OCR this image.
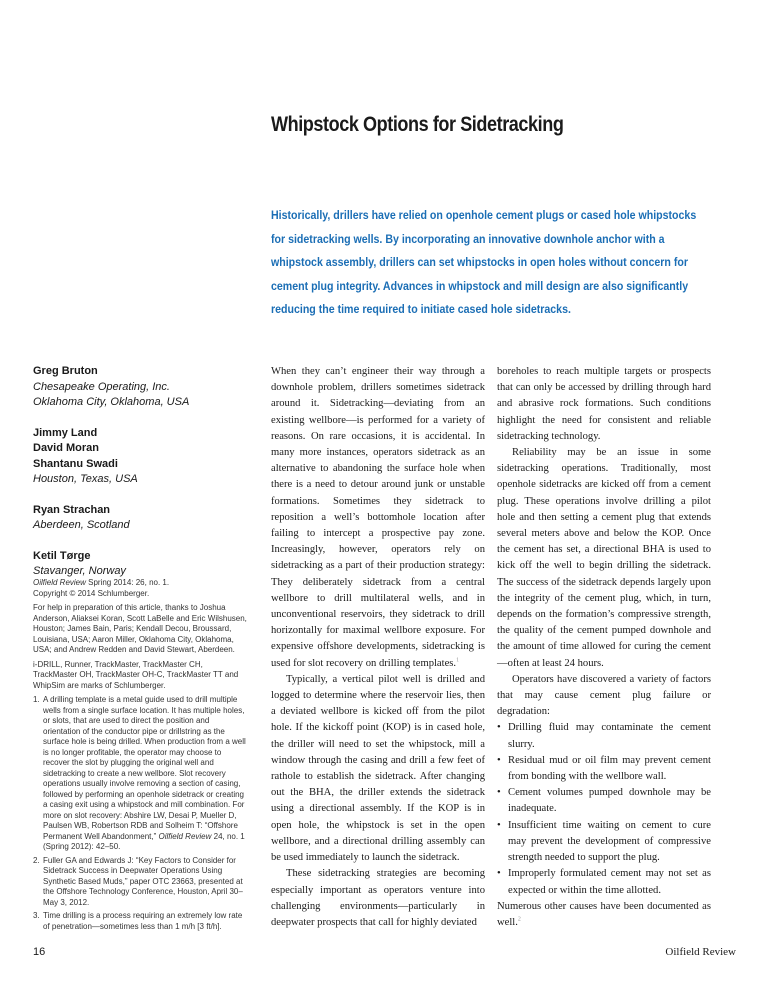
Whipstock Options for Sidetracking
Historically, drillers have relied on openhole cement plugs or cased hole whipstocks
for sidetracking wells. By incorporating an innovative downhole anchor with a
whipstock assembly, drillers can set whipstocks in open holes without concern for
cement plug integrity. Advances in whipstock and mill design are also significantly
reducing the time required to initiate cased hole sidetracks.
Greg Bruton
Chesapeake Operating, Inc.
Oklahoma City, Oklahoma, USA
Jimmy Land
David Moran
Shantanu Swadi
Houston, Texas, USA
Ryan Strachan
Aberdeen, Scotland
Ketil Tørge
Stavanger, Norway

Oilfield Review Spring 2014: 26, no. 1.
Copyright © 2014 Schlumberger.

For help in preparation of this article, thanks to Joshua Anderson, Aliaksei Koran, Scott LaBelle and Eric Wilshusen, Houston; James Bain, Paris; Kendall Decou, Broussard, Louisiana, USA; Aaron Miller, Oklahoma City, Oklahoma, USA; and Andrew Redden and David Stewart, Aberdeen.

i-DRILL, Runner, TrackMaster, TrackMaster CH, TrackMaster OH, TrackMaster OH-C, TrackMaster TT and WhipSim are marks of Schlumberger.

1. A drilling template is a metal guide used to drill multiple wells from a single surface location. It has multiple holes, or slots, that are used to direct the position and orientation of the conductor pipe or drillstring as the surface hole is being drilled. When production from a well is no longer profitable, the operator may choose to recover the slot by plugging the original well and sidetracking to create a new wellbore. Slot recovery operations usually involve removing a section of casing, followed by performing an openhole sidetrack or creating a casing exit using a whipstock and mill combination. For more on slot recovery: Abshire LW, Desai P, Mueller D, Paulsen WB, Robertson RDB and Solheim T: “Offshore Permanent Well Abandonment,” Oilfield Review 24, no. 1 (Spring 2012): 42–50.
2. Fuller GA and Edwards J: “Key Factors to Consider for Sidetrack Success in Deepwater Operations Using Synthetic Based Muds,” paper OTC 23663, presented at the Offshore Technology Conference, Houston, April 30–May 3, 2012.
3. Time drilling is a process requiring an extremely low rate of penetration—sometimes less than 1 m/h [3 ft/h].

When they can’t engineer their way through a downhole problem, drillers sometimes sidetrack around it. Sidetracking—deviating from an existing wellbore—is performed for a variety of reasons. On rare occasions, it is accidental. In many more instances, operators sidetrack as an alternative to abandoning the surface hole when there is a need to detour around junk or unstable formations. Sometimes they sidetrack to reposition a well’s bottomhole location after failing to intercept a prospective pay zone. Increasingly, however, operators rely on sidetracking as a part of their production strategy: They deliberately sidetrack from a central wellbore to drill multilateral wells, and in unconventional reservoirs, they sidetrack to drill horizontally for maximal wellbore exposure. For expensive offshore developments, sidetracking is used for slot recovery on drilling templates.$^1$

Typically, a vertical pilot well is drilled and logged to determine where the reservoir lies, then a deviated wellbore is kicked off from the pilot hole. If the kickoff point (KOP) is in cased hole, the driller will need to set the whipstock, mill a window through the casing and drill a few feet of rathole to establish the sidetrack. After changing out the BHA, the driller extends the sidetrack using a directional assembly. If the KOP is in open hole, the whipstock is set in the open wellbore, and a directional drilling assembly can be used immediately to launch the sidetrack.

These sidetracking strategies are becoming especially important as operators venture into challenging environments—particularly in deepwater prospects that call for highly deviated

boreholes to reach multiple targets or prospects that can only be accessed by drilling through hard and abrasive rock formations. Such conditions highlight the need for consistent and reliable sidetracking technology.

Reliability may be an issue in some sidetracking operations. Traditionally, most openhole sidetracks are kicked off from a cement plug. These operations involve drilling a pilot hole and then setting a cement plug that extends several meters above and below the KOP. Once the cement has set, a directional BHA is used to kick off the well to begin drilling the sidetrack. The success of the sidetrack depends largely upon the integrity of the cement plug, which, in turn, depends on the formation’s compressive strength, the quality of the cement pumped downhole and the amount of time allowed for curing the cement—often at least 24 hours.

Operators have discovered a variety of factors that may cause cement plug failure or degradation:

• Drilling fluid may contaminate the cement slurry.
• Residual mud or oil film may prevent cement from bonding with the wellbore wall.
• Cement volumes pumped downhole may be inadequate.
• Insufficient time waiting on cement to cure may prevent the development of compressive strength needed to support the plug.
• Improperly formulated cement may not set as expected or within the time allotted.

Numerous other causes have been documented as well.$^2$

16	Oilfield Review
